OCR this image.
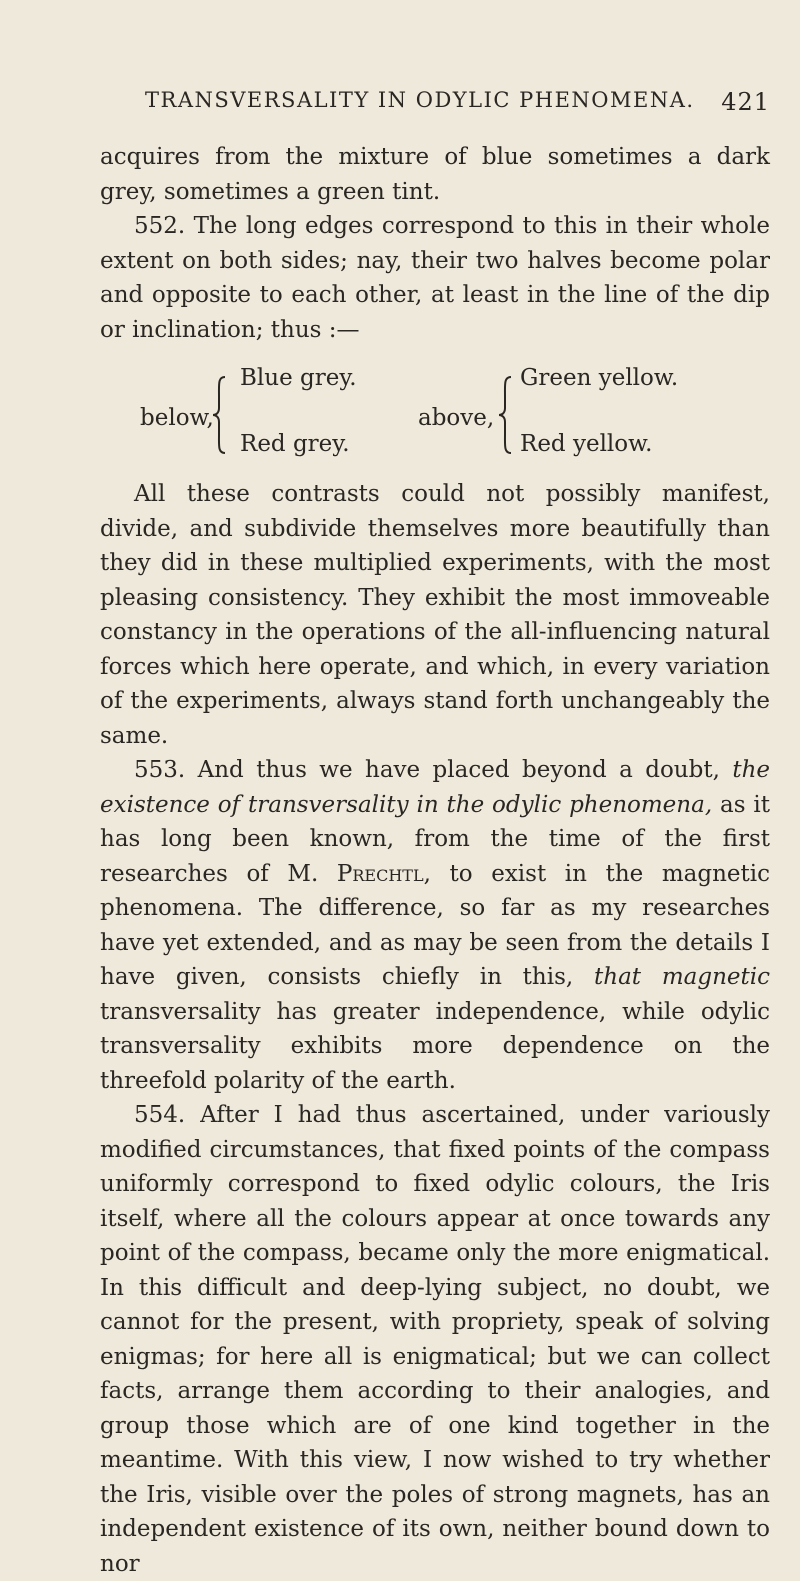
TRANSVERSALITY IN ODYLIC PHENOMENA. 421

acquires from the mixture of blue sometimes a dark grey, sometimes a green tint.

552. The long edges correspond to this in their whole extent on both sides; nay, their two halves become polar and opposite to each other, at least in the line of the dip or inclination; thus :—

below,
Blue grey.
Red grey.
above,
Green yellow.
Red yellow.

All these contrasts could not possibly manifest, divide, and subdivide themselves more beautifully than they did in these multiplied experiments, with the most pleasing consistency. They exhibit the most immoveable constancy in the operations of the all-influencing natural forces which here operate, and which, in every variation of the experiments, always stand forth unchangeably the same.

553. And thus we have placed beyond a doubt, the existence of transversality in the odylic phenomena, as it has long been known, from the time of the first researches of M. Prechtl, to exist in the magnetic phenomena. The difference, so far as my researches have yet extended, and as may be seen from the details I have given, consists chiefly in this, that magnetic transversality has greater independence, while odylic transversality exhibits more dependence on the threefold polarity of the earth.

554. After I had thus ascertained, under variously modified circumstances, that fixed points of the compass uniformly correspond to fixed odylic colours, the Iris itself, where all the colours appear at once towards any point of the compass, became only the more enigmatical. In this difficult and deep-lying subject, no doubt, we cannot for the present, with propriety, speak of solving enigmas; for here all is enigmatical; but we can collect facts, arrange them according to their analogies, and group those which are of one kind together in the meantime. With this view, I now wished to try whether the Iris, visible over the poles of strong magnets, has an independent existence of its own, neither bound down to nor
